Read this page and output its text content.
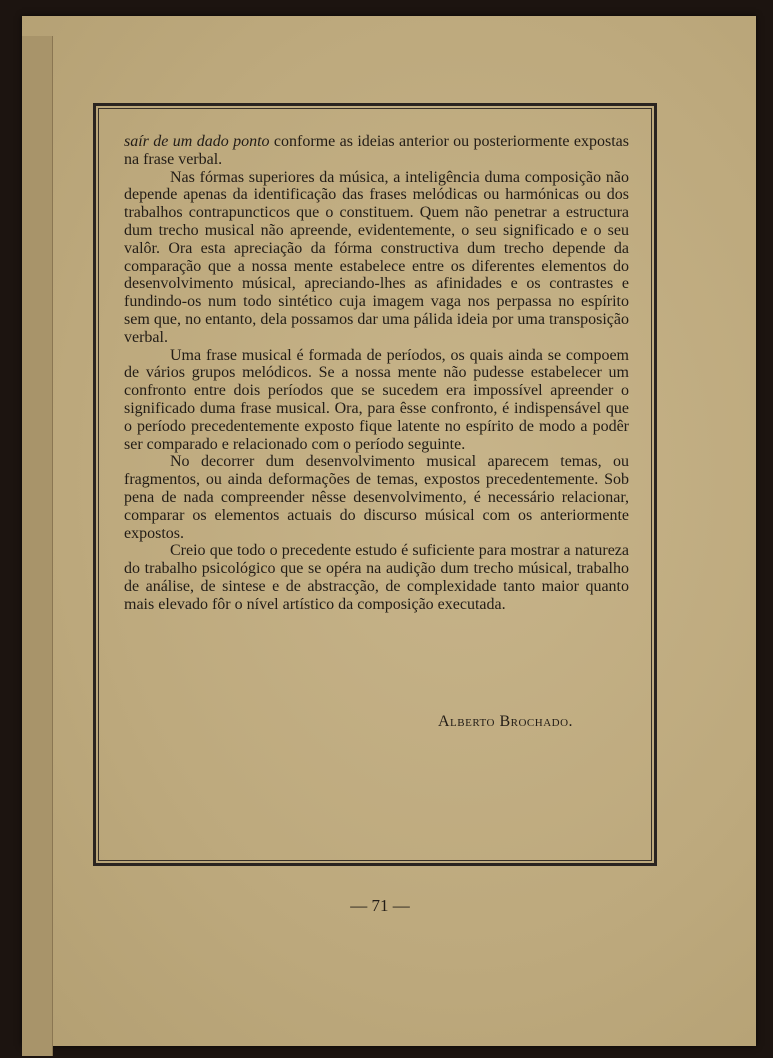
saír de um dado ponto conforme as ideias anterior ou posteriormente expostas na frase verbal.

Nas fórmas superiores da música, a inteligência duma composição não depende apenas da identificação das frases melódicas ou harmónicas ou dos trabalhos contrapuncticos que o constituem. Quem não penetrar a estructura dum trecho musical não apreende, evidentemente, o seu significado e o seu valôr. Ora esta apreciação da fórma constructiva dum trecho depende da comparação que a nossa mente estabelece entre os diferentes elementos do desenvolvimento músical, apreciando-lhes as afinidades e os contrastes e fundindo-os num todo sintético cuja imagem vaga nos perpassa no espírito sem que, no entanto, dela possamos dar uma pálida ideia por uma transposição verbal.

Uma frase musical é formada de períodos, os quais ainda se compoem de vários grupos melódicos. Se a nossa mente não pudesse estabelecer um confronto entre dois períodos que se sucedem era impossível apreender o significado duma frase musical. Ora, para êsse confronto, é indispensável que o período precedentemente exposto fique latente no espírito de modo a podêr ser comparado e relacionado com o período seguinte.

No decorrer dum desenvolvimento musical aparecem temas, ou fragmentos, ou ainda deformações de temas, expostos precedentemente. Sob pena de nada compreender nêsse desenvolvimento, é necessário relacionar, comparar os elementos actuais do discurso músical com os anteriormente expostos.

Creio que todo o precedente estudo é suficiente para mostrar a natureza do trabalho psicológico que se opéra na audição dum trecho músical, trabalho de análise, de sintese e de abstracção, de complexidade tanto maior quanto mais elevado fôr o nível artístico da composição executada.

Alberto Brochado.
— 71 —
